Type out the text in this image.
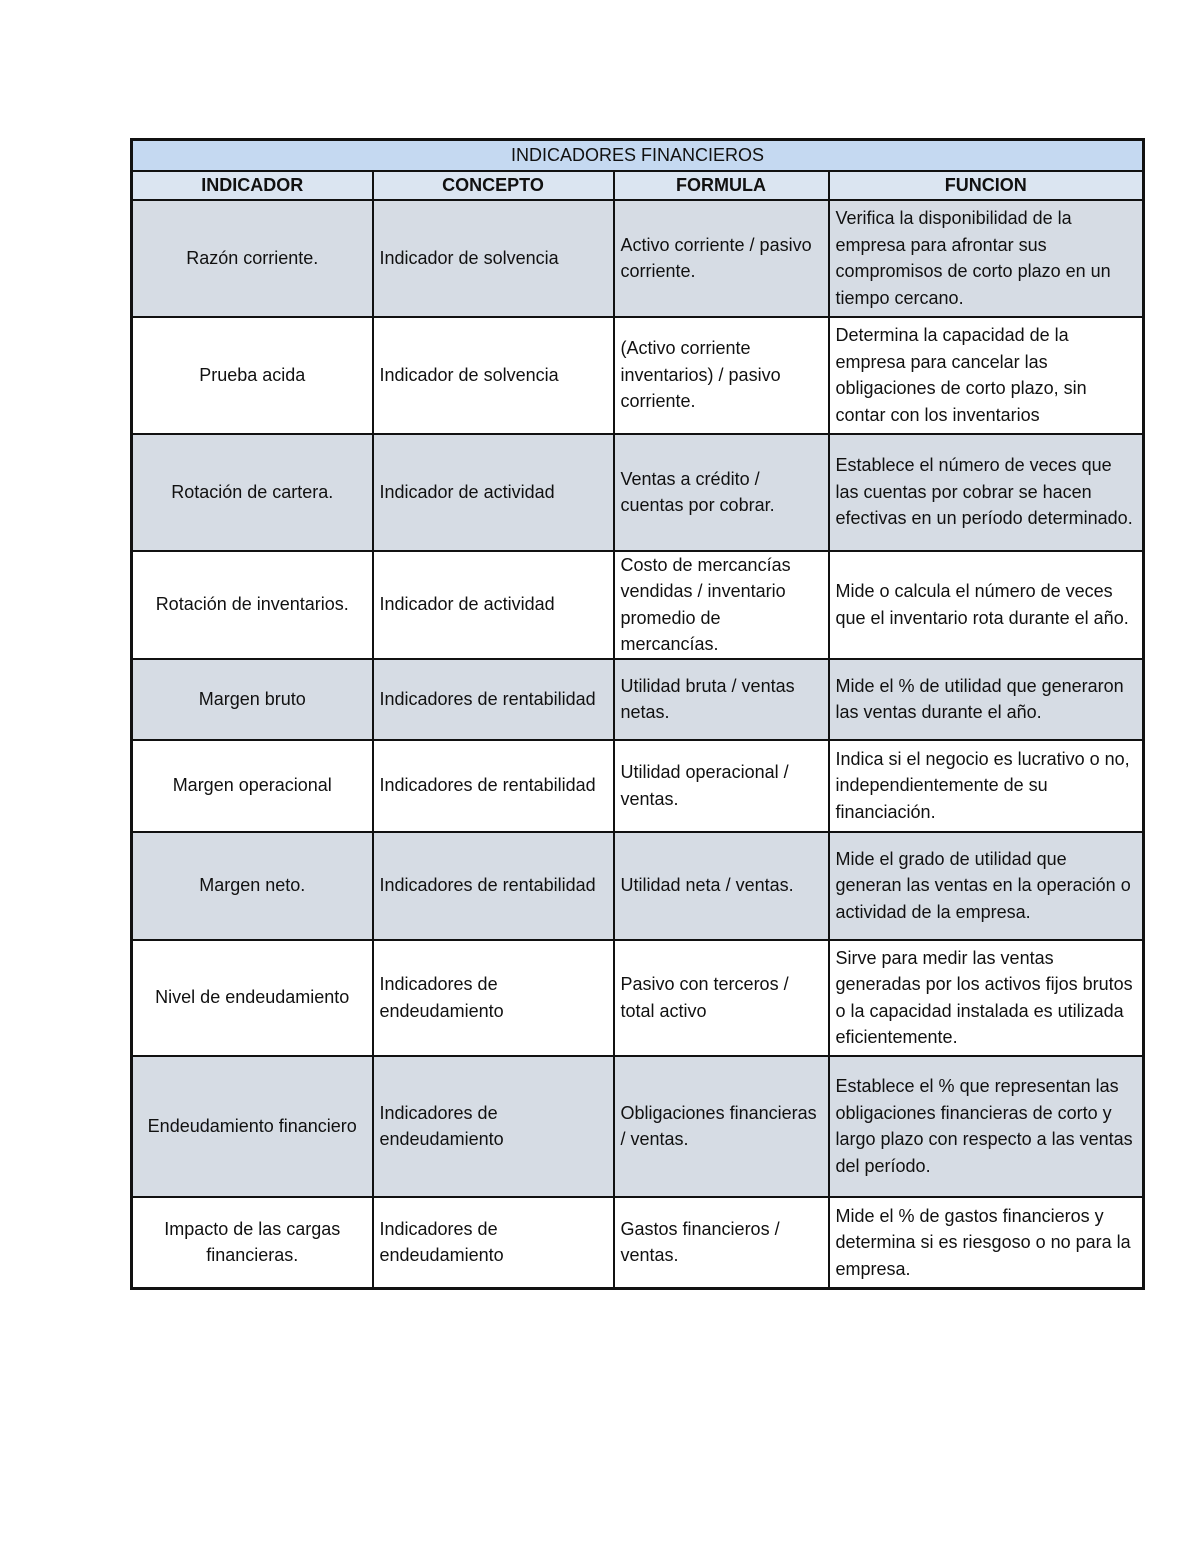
INDICADORES FINANCIEROS			
INDICADOR	CONCEPTO	FORMULA	FUNCION
Razón corriente.	Indicador de solvencia	Activo corriente / pasivo corriente.	Verifica la disponibilidad de la empresa para afrontar sus compromisos de corto plazo en un tiempo cercano.
Prueba acida	Indicador de solvencia	(Activo corriente inventarios) / pasivo corriente.	Determina la capacidad de la empresa para cancelar las obligaciones de corto plazo, sin contar con los inventarios
Rotación de cartera.	Indicador de actividad	Ventas a crédito / cuentas por cobrar.	Establece el número de veces que las cuentas por cobrar se hacen efectivas en un período determinado.
Rotación de inventarios.	Indicador de actividad	Costo de mercancías vendidas / inventario promedio de mercancías.	Mide o calcula el número de veces que el inventario rota durante el año.
Margen bruto	Indicadores de rentabilidad	Utilidad bruta / ventas netas.	Mide el % de utilidad que generaron las ventas durante el año.
Margen operacional	Indicadores de rentabilidad	Utilidad operacional / ventas.	Indica si el negocio es lucrativo o no, independientemente de su financiación.
Margen neto.	Indicadores de rentabilidad	Utilidad neta / ventas.	Mide el grado de utilidad que generan las ventas en la operación o actividad de la empresa.
Nivel de endeudamiento	Indicadores de endeudamiento	Pasivo con terceros / total activo	Sirve para medir las ventas generadas por los activos fijos brutos o la capacidad instalada es utilizada eficientemente.
Endeudamiento financiero	Indicadores de endeudamiento	Obligaciones financieras / ventas.	Establece el % que representan las obligaciones financieras de corto y largo plazo con respecto a las ventas del período.
Impacto de las cargas financieras.	Indicadores de endeudamiento	Gastos financieros / ventas.	Mide el % de gastos financieros y determina si es riesgoso o no para la empresa.
